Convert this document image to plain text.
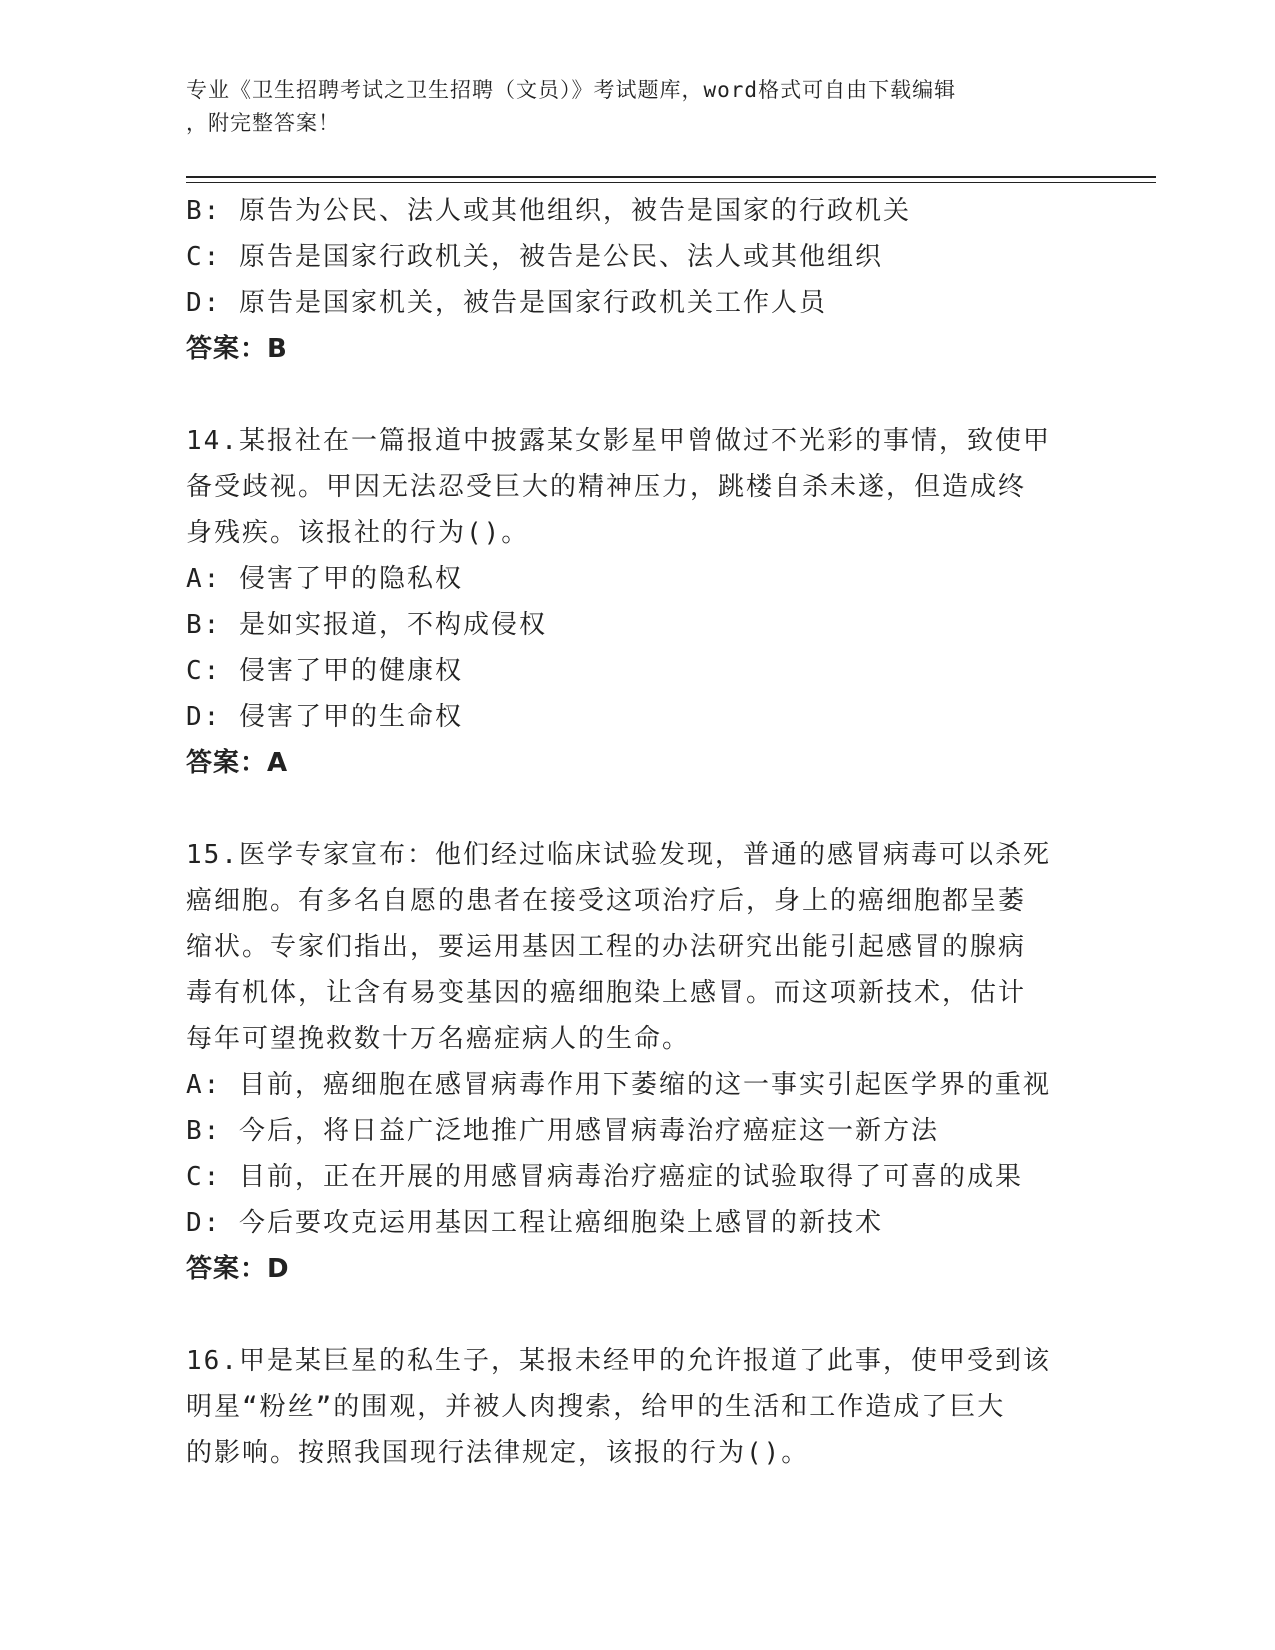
专业《卫生招聘考试之卫生招聘（文员）》考试题库，word格式可自由下载编辑
，附完整答案！
B: 原告为公民、法人或其他组织，被告是国家的行政机关
C: 原告是国家行政机关，被告是公民、法人或其他组织
D: 原告是国家机关，被告是国家行政机关工作人员
答案：B
14.某报社在一篇报道中披露某女影星甲曾做过不光彩的事情，致使甲
备受歧视。甲因无法忍受巨大的精神压力，跳楼自杀未遂，但造成终
身残疾。该报社的行为()。
A: 侵害了甲的隐私权
B: 是如实报道，不构成侵权
C: 侵害了甲的健康权
D: 侵害了甲的生命权
答案：A
15.医学专家宣布：他们经过临床试验发现，普通的感冒病毒可以杀死
癌细胞。有多名自愿的患者在接受这项治疗后，身上的癌细胞都呈萎
缩状。专家们指出，要运用基因工程的办法研究出能引起感冒的腺病
毒有机体，让含有易变基因的癌细胞染上感冒。而这项新技术，估计
每年可望挽救数十万名癌症病人的生命。
A: 目前，癌细胞在感冒病毒作用下萎缩的这一事实引起医学界的重视
B: 今后，将日益广泛地推广用感冒病毒治疗癌症这一新方法
C: 目前，正在开展的用感冒病毒治疗癌症的试验取得了可喜的成果
D: 今后要攻克运用基因工程让癌细胞染上感冒的新技术
答案：D
16.甲是某巨星的私生子，某报未经甲的允许报道了此事，使甲受到该
明星“粉丝”的围观，并被人肉搜索，给甲的生活和工作造成了巨大
的影响。按照我国现行法律规定，该报的行为()。
